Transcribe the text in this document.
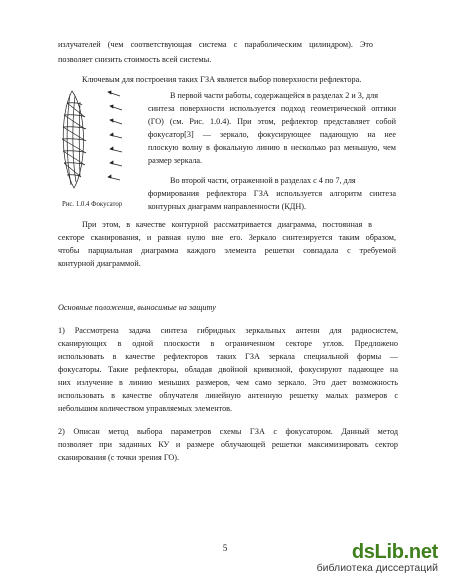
излучателей (чем соответствующая система с параболическим цилиндром). Это
позволяет снизить стоимость всей системы.
Ключевым для построения таких ГЗА является выбор поверхности рефлектора.
Рис. 1.0.4 Фокусатор
В первой части работы, содержащейся в разделах 2 и 3, для
синтеза поверхности используется подход геометрической оптики
(ГО) (см. Рис. 1.0.4). При этом, рефлектор представляет собой
фокусатор[3] — зеркало, фокусирующее падающую на нее
плоскую волну в фокальную линию в несколько раз меньшую, чем
размер зеркала.
Во второй части, отраженной в разделах с 4 по 7, для
формирования рефлектора ГЗА используется алгоритм синтеза
контурных диаграмм направленности (КДН).
При этом, в качестве контурной рассматривается диаграмма, постоянная в
секторе сканирования, и равная нулю вне его. Зеркало синтезируется таким образом,
чтобы парциальная диаграмма каждого элемента решетки совпадала с требуемой
контурной диаграммой.
Основные положения, выносимые на защиту
1) Рассмотрена задача синтеза гибридных зеркальных антенн для радиосистем,
сканирующих в одной плоскости в ограниченном секторе углов. Предложено
использовать в качестве рефлекторов таких ГЗА зеркала специальной формы —
фокусаторы. Такие рефлекторы, обладая двойной кривизной, фокусируют падающее на
них излучение в линию меньших размеров, чем само зеркало. Это дает возможность
использовать в качестве облучателя линейную антенную решетку малых размеров с
небольшим количеством управляемых элементов.
2) Описан метод выбора параметров схемы ГЗА с фокусатором. Данный метод
позволяет при заданных КУ и размере облучающей решетки максимизировать сектор
сканирования (с точки зрения ГО).
5	dsLib.net
библиотека диссертаций
